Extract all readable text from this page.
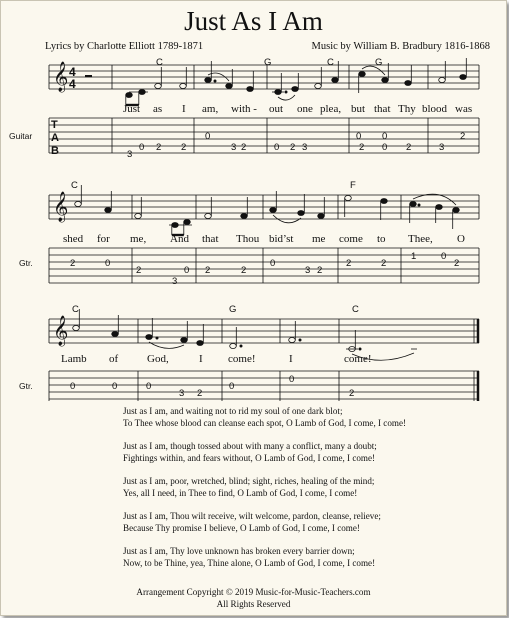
Just As I Am
Lyrics by Charlotte Elliott 1789-1871	Music by William B. Bradbury 1816-1868
𝄞 4
4
Guitar
T
A
B
C	G	C	G
Just as I am, with - out one plea, but that Thy blood was
3
0 2 2
0
3 2	0 2 3
0 0
2 0 2	3
2
𝄞
Gtr.
C	F
shed for me, And that Thou bid’st me come to Thee, O
2	0
2
3
0 2	2
0
3 2
2	2
1	0
2
𝄞
Gtr.
C	G	C
Lamb of	God,	I come!	I	come!
0	0	0
3 2
0
0
2
Just as I am, and waiting not to rid my soul of one dark blot;
To Thee whose blood can cleanse each spot, O Lamb of God, I come, I come!
Just as I am, though tossed about with many a conflict, many a doubt;
Fightings within, and fears without, O Lamb of God, I come, I come!
Just as I am, poor, wretched, blind; sight, riches, healing of the mind;
Yes, all I need, in Thee to find, O Lamb of God, I come, I come!
Just as I am, Thou wilt receive, wilt welcome, pardon, cleanse, relieve;
Because Thy promise I believe, O Lamb of God, I come, I come!
Just as I am, Thy love unknown has broken every barrier down;
Now, to be Thine, yea, Thine alone, O Lamb of God, I come, I come!
Arrangement Copyright © 2019 Music-for-Music-Teachers.com
All Rights Reserved
